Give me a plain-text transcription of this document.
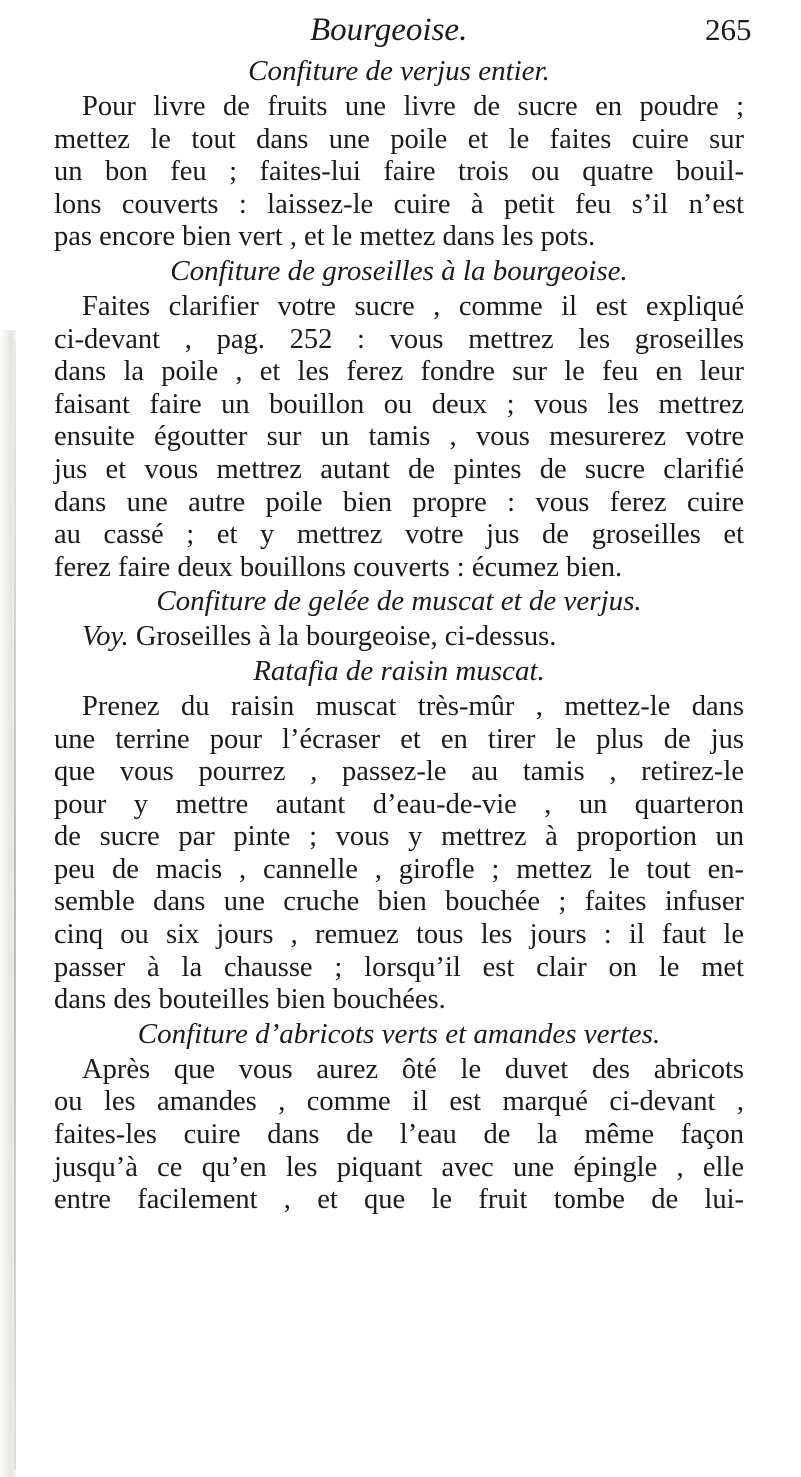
Bourgeoise.	265
Confiture de verjus entier.
Pour livre de fruits une livre de sucre en poudre ;
mettez le tout dans une poile et le faites cuire sur
un bon feu ; faites-lui faire trois ou quatre bouil-
lons couverts : laissez-le cuire à petit feu s’il n’est
pas encore bien vert , et le mettez dans les pots.
Confiture de groseilles à la bourgeoise.
Faites clarifier votre sucre , comme il est expliqué
ci-devant , pag. 252 : vous mettrez les groseilles
dans la poile , et les ferez fondre sur le feu en leur
faisant faire un bouillon ou deux ; vous les mettrez
ensuite égoutter sur un tamis , vous mesurerez votre
jus et vous mettrez autant de pintes de sucre clarifié
dans une autre poile bien propre : vous ferez cuire
au cassé ; et y mettrez votre jus de groseilles et
ferez faire deux bouillons couverts : écumez bien.
Confiture de gelée de muscat et de verjus.
Voy. Groseilles à la bourgeoise, ci-dessus.
Ratafia de raisin muscat.
Prenez du raisin muscat très-mûr , mettez-le dans
une terrine pour l’écraser et en tirer le plus de jus
que vous pourrez , passez-le au tamis , retirez-le
pour y mettre autant d’eau-de-vie , un quarteron
de sucre par pinte ; vous y mettrez à proportion un
peu de macis , cannelle , girofle ; mettez le tout en-
semble dans une cruche bien bouchée ; faites infuser
cinq ou six jours , remuez tous les jours : il faut le
passer à la chausse ; lorsqu’il est clair on le met
dans des bouteilles bien bouchées.
Confiture d’abricots verts et amandes vertes.
Après que vous aurez ôté le duvet des abricots
ou les amandes , comme il est marqué ci-devant ,
faites-les cuire dans de l’eau de la même façon
jusqu’à ce qu’en les piquant avec une épingle , elle
entre facilement , et que le fruit tombe de lui-
